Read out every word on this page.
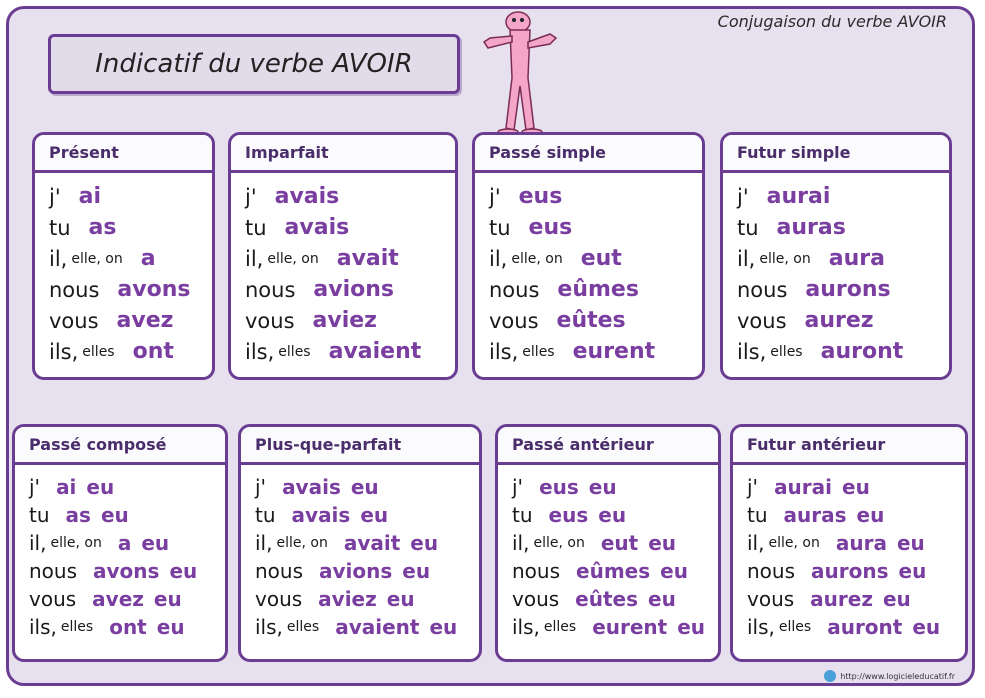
Conjugaison du verbe AVOIR
Indicatif du verbe AVOIR
Présent
j' ai
tu as
il, elle, on a
nous avons
vous avez
ils, elles ont
Imparfait
j' avais
tu avais
il, elle, on avait
nous avions
vous aviez
ils, elles avaient
Passé simple
j' eus
tu eus
il, elle, on eut
nous eûmes
vous eûtes
ils, elles eurent
Futur simple
j' aurai
tu auras
il, elle, on aura
nous aurons
vous aurez
ils, elles auront
Passé composé
j' ai eu
tu as eu
il, elle, on a eu
nous avons eu
vous avez eu
ils, elles ont eu
Plus-que-parfait
j' avais eu
tu avais eu
il, elle, on avait eu
nous avions eu
vous aviez eu
ils, elles avaient eu
Passé antérieur
j' eus eu
tu eus eu
il, elle, on eut eu
nous eûmes eu
vous eûtes eu
ils, elles eurent eu
Futur antérieur
j' aurai eu
tu auras eu
il, elle, on aura eu
nous aurons eu
vous aurez eu
ils, elles auront eu
http://www.logicieleducatif.fr
